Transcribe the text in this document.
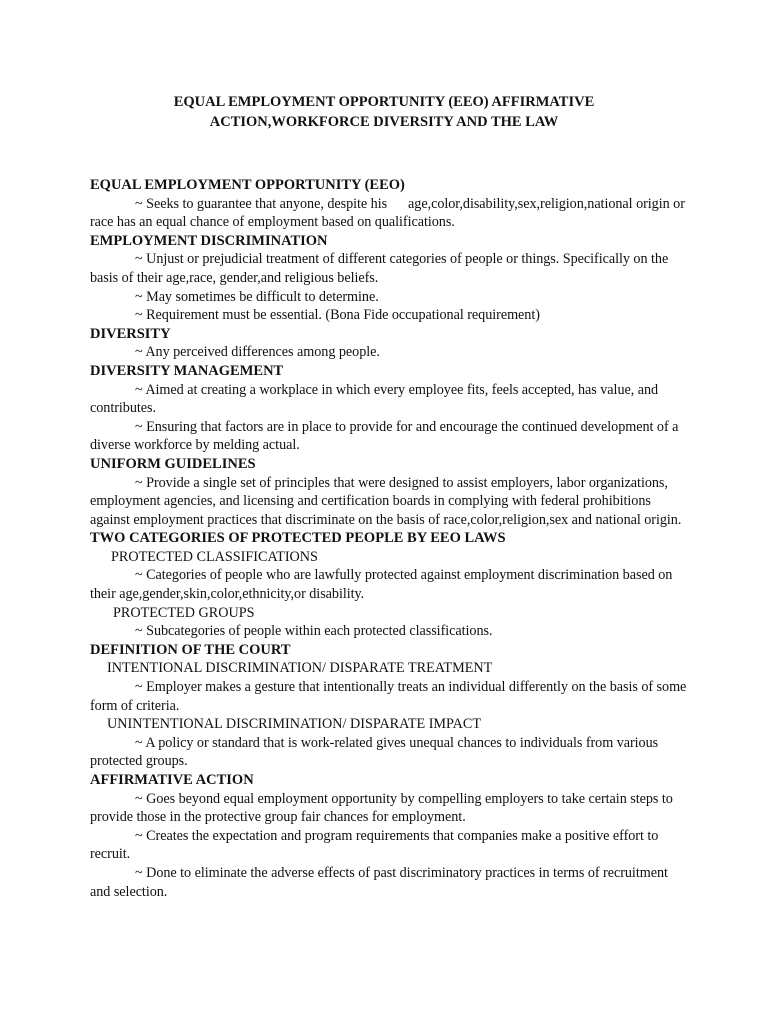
EQUAL EMPLOYMENT OPPORTUNITY (EEO) AFFIRMATIVE
ACTION,WORKFORCE DIVERSITY AND THE LAW

EQUAL EMPLOYMENT OPPORTUNITY (EEO)

~ Seeks to guarantee that anyone, despite his      age,color,disability,sex,religion,national origin or race has an equal chance of employment based on qualifications.

EMPLOYMENT DISCRIMINATION

~ Unjust or prejudicial treatment of different categories of people or things. Specifically on the basis of their age,race, gender,and religious beliefs.

~ May sometimes be difficult to determine.

~ Requirement must be essential. (Bona Fide occupational requirement)

DIVERSITY

~ Any perceived differences among people.

DIVERSITY MANAGEMENT

~ Aimed at creating a workplace in which every employee fits, feels accepted, has value, and contributes.

~ Ensuring that factors are in place to provide for and encourage the continued development of a diverse workforce by melding actual.

UNIFORM GUIDELINES

~ Provide a single set of principles that were designed to assist employers, labor organizations, employment agencies, and licensing and certification boards in complying with federal prohibitions against employment practices that discriminate on the basis of race,color,religion,sex and national origin.

TWO CATEGORIES OF PROTECTED PEOPLE BY EEO LAWS

PROTECTED CLASSIFICATIONS

~ Categories of people who are lawfully protected against employment discrimination based on their age,gender,skin,color,ethnicity,or disability.

PROTECTED GROUPS

~ Subcategories of people within each protected classifications.

DEFINITION OF THE COURT

INTENTIONAL DISCRIMINATION/ DISPARATE TREATMENT

~ Employer makes a gesture that intentionally treats an individual differently on the basis of some form of criteria.

UNINTENTIONAL DISCRIMINATION/ DISPARATE IMPACT

~ A policy or standard that is work-related gives unequal chances to individuals from various protected groups.

AFFIRMATIVE ACTION

~ Goes beyond equal employment opportunity by compelling employers to take certain steps to provide those in the protective group fair chances for employment.

~ Creates the expectation and program requirements that companies make a positive effort to recruit.

~ Done to eliminate the adverse effects of past discriminatory practices in terms of recruitment and selection.
